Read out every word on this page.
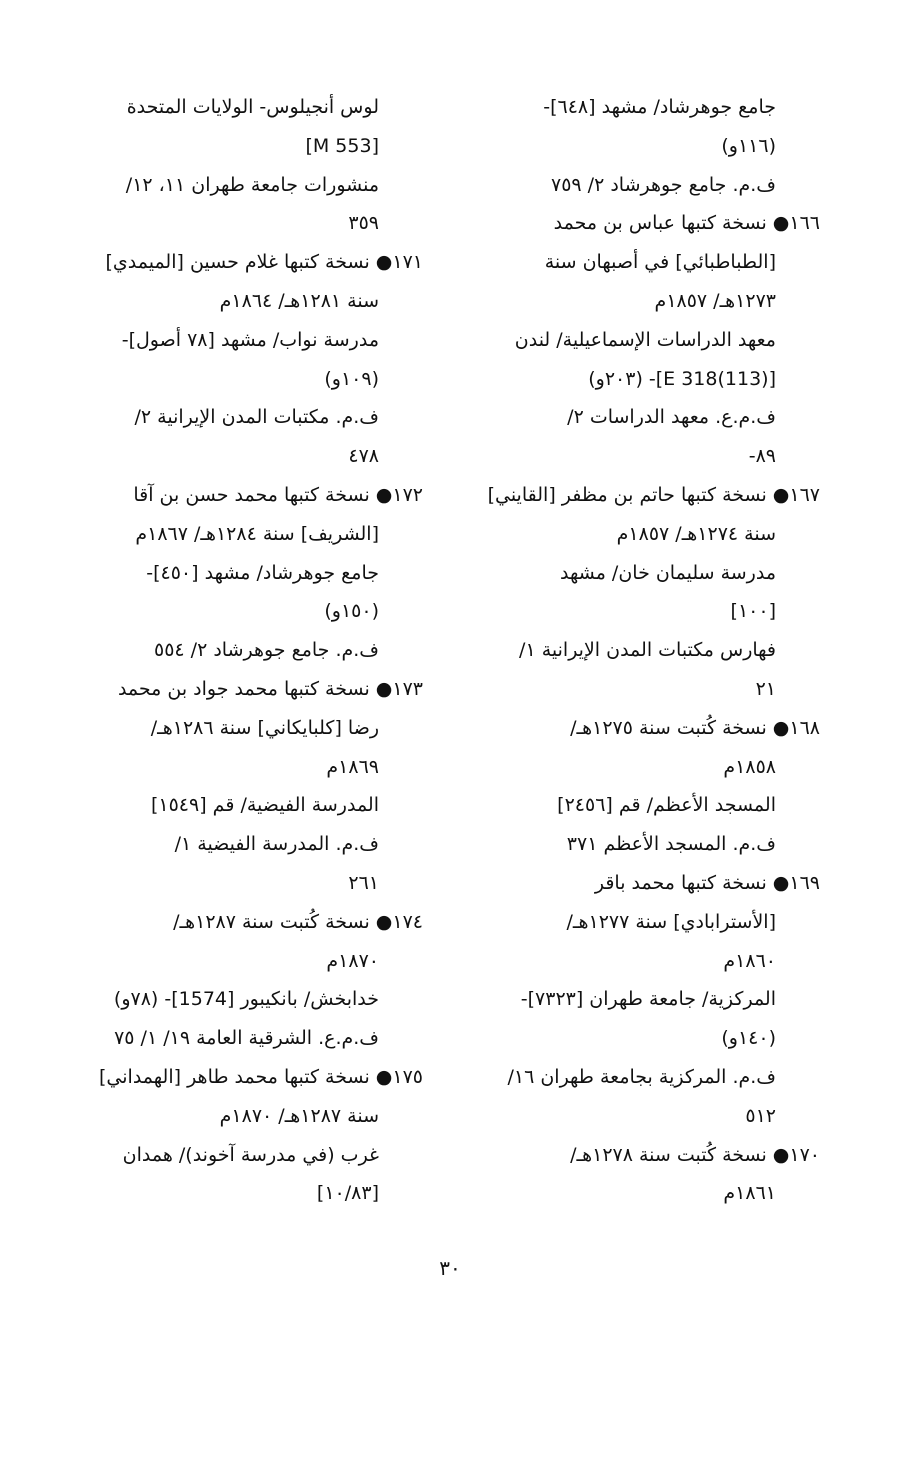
جامع جوهرشاد/ مشهد [٦٤٨]-
(١١٦و)
ف.م. جامع جوهرشاد ٢/ ٧٥٩
١٦٦● نسخة كتبها عباس بن محمد
[الطباطبائي] في أصبهان سنة
١٢٧٣هـ/ ١٨٥٧م
معهد الدراسات الإسماعيلية/ لندن
[(113)E 318]- (٢٠٣و)
ف.م.ع. معهد الدراسات ٢/
٨٩-
١٦٧● نسخة كتبها حاتم بن مظفر [القايني]
سنة ١٢٧٤هـ/ ١٨٥٧م
مدرسة سليمان خان/ مشهد
[١٠٠]
فهارس مكتبات المدن الإيرانية ١/
٢١
١٦٨● نسخة كُتبت سنة ١٢٧٥هـ/
١٨٥٨م
المسجد الأعظم/ قم [٢٤٥٦]
ف.م. المسجد الأعظم ٣٧١
١٦٩● نسخة كتبها محمد باقر
[الأسترابادي] سنة ١٢٧٧هـ/
١٨٦٠م
المركزية/ جامعة طهران [٧٣٢٣]-
(١٤٠و)
ف.م. المركزية بجامعة طهران ١٦/
٥١٢
١٧٠● نسخة كُتبت سنة ١٢٧٨هـ/
١٨٦١م
لوس أنجيلوس- الولايات المتحدة
[M 553]
منشورات جامعة طهران ١١، ١٢/
٣٥٩
١٧١● نسخة كتبها غلام حسين [الميمدي]
سنة ١٢٨١هـ/ ١٨٦٤م
مدرسة نواب/ مشهد [٧٨ أصول]-
(١٠٩و)
ف.م. مكتبات المدن الإيرانية ٢/
٤٧٨
١٧٢● نسخة كتبها محمد حسن بن آقا
[الشريف] سنة ١٢٨٤هـ/ ١٨٦٧م
جامع جوهرشاد/ مشهد [٤٥٠]-
(١٥٠و)
ف.م. جامع جوهرشاد ٢/ ٥٥٤
١٧٣● نسخة كتبها محمد جواد بن محمد
رضا [كلبايكاني] سنة ١٢٨٦هـ/
١٨٦٩م
المدرسة الفيضية/ قم [١٥٤٩]
ف.م. المدرسة الفيضية ١/
٢٦١
١٧٤● نسخة كُتبت سنة ١٢٨٧هـ/
١٨٧٠م
خدابخش/ بانكيبور [1574]- (٧٨و)
ف.م.ع. الشرقية العامة ١٩/ ١/ ٧٥
١٧٥● نسخة كتبها محمد طاهر [الهمداني]
سنة ١٢٨٧هـ/ ١٨٧٠م
غرب (في مدرسة آخوند)/ همدان
[١٠/٨٣]
٣٠
